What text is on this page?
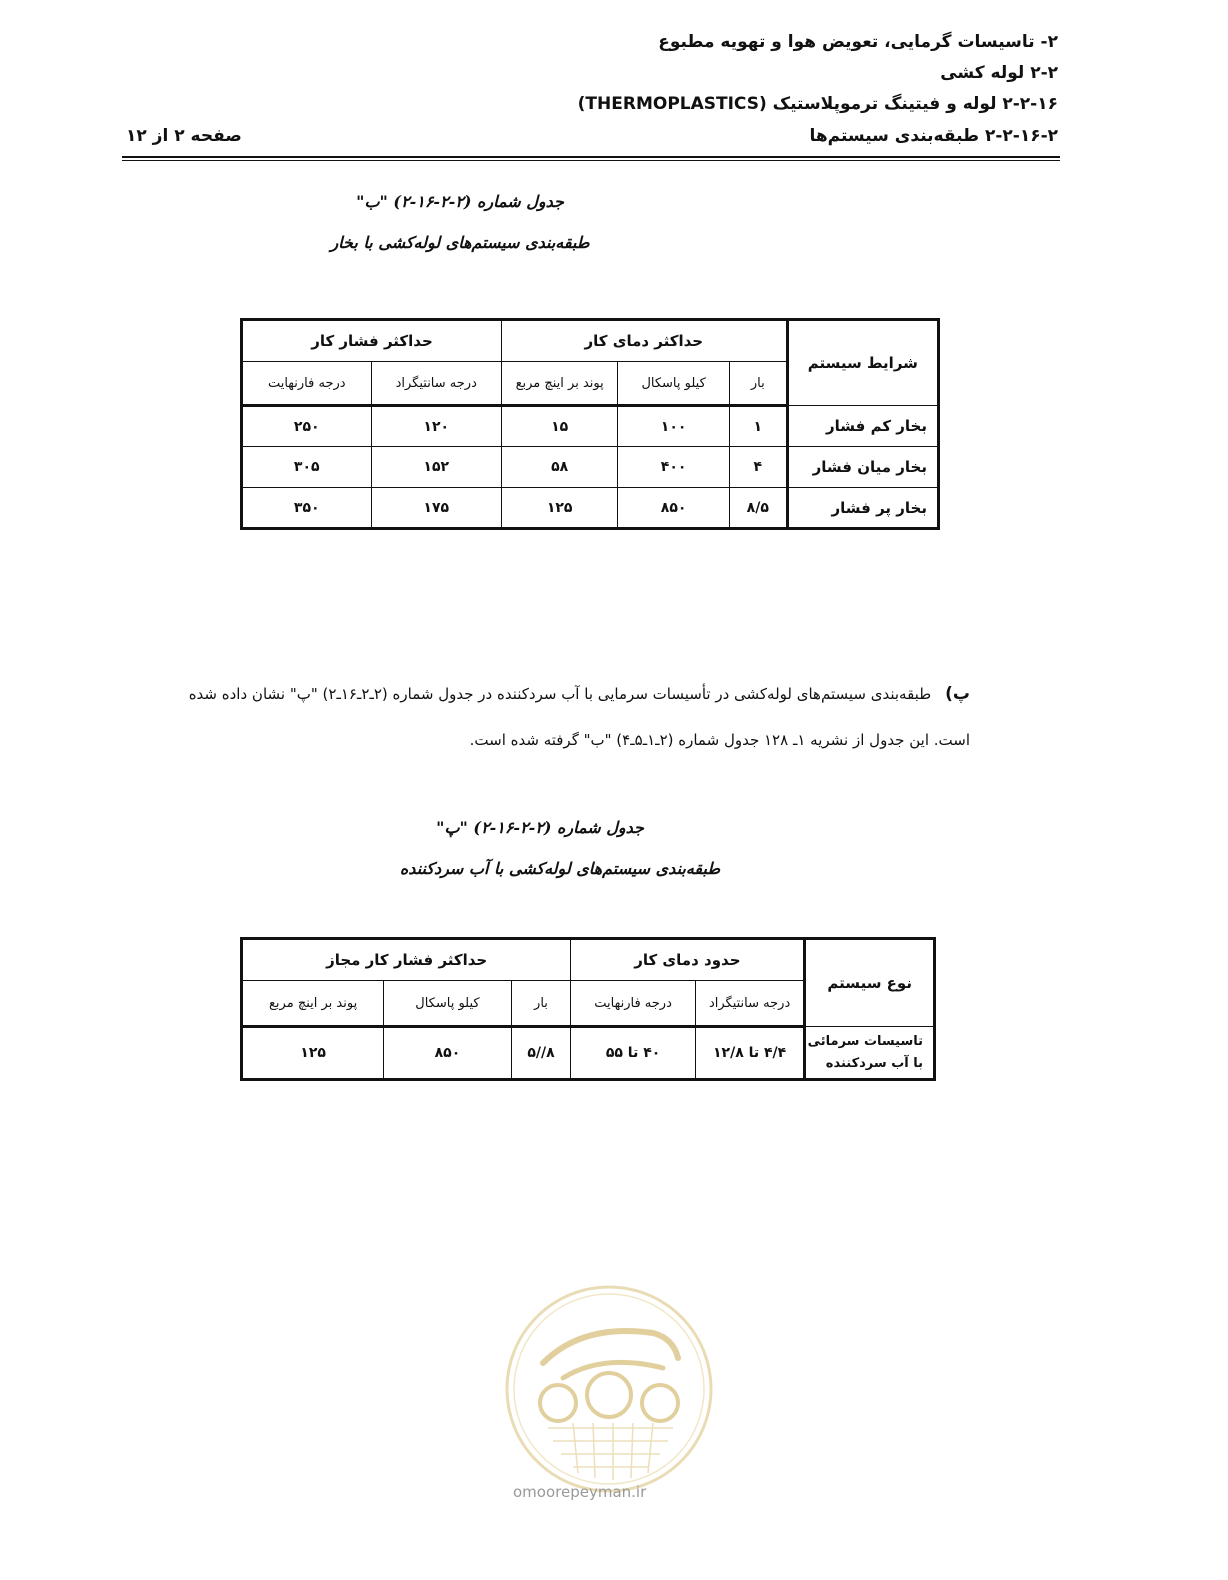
۲- تاسیسات گرمایی، تعویض هوا و تهویه مطبوع
۲-۲ لوله کشی
۲-۲-۱۶ لوله و فیتینگ ترموپلاستیک (THERMOPLASTICS)
۲-۲-۱۶-۲ طبقه‌بندی سیستم‌ها
صفحه ۲ از ۱۲
جدول شماره (۲-۲-۱۶-۲) "ب"
طبقه‌بندی سیستم‌های لوله‌کشی با بخار
شرایط سیستم	حداکثر دمای کار			حداکثر فشار کار	
	بار	کیلو پاسکال	پوند بر اینچ مربع	درجه سانتیگراد	درجه فارنهایت
بخار کم فشار	۱	۱۰۰	۱۵	۱۲۰	۲۵۰
بخار میان فشار	۴	۴۰۰	۵۸	۱۵۲	۳۰۵
بخار پر فشار	۸/۵	۸۵۰	۱۲۵	۱۷۵	۳۵۰
پ)طبقه‌بندی سیستم‌های لوله‌کشی در تأسیسات سرمایی با آب سردکننده در جدول شماره (۲ـ۲ـ۱۶ـ۲) "پ" نشان داده شده
است. این جدول از نشریه ۱ـ ۱۲۸ جدول شماره (۲ـ۱ـ۵ـ۴) "ب" گرفته شده است.
جدول شماره (۲-۲-۱۶-۲) "پ"
طبقه‌بندی سیستم‌های لوله‌کشی با آب سردکننده
نوع سیستم	حدود دمای کار		حداکثر فشار کار مجاز		
	درجه سانتیگراد	درجه فارنهایت	بار	کیلو پاسکال	پوند بر اینچ مربع

تاسیسات سرمائی
با آب سردکننده	۴/۴ تا ۱۲/۸	۴۰ تا ۵۵	۸//۵	۸۵۰	۱۲۵
omoorepeyman.ir
